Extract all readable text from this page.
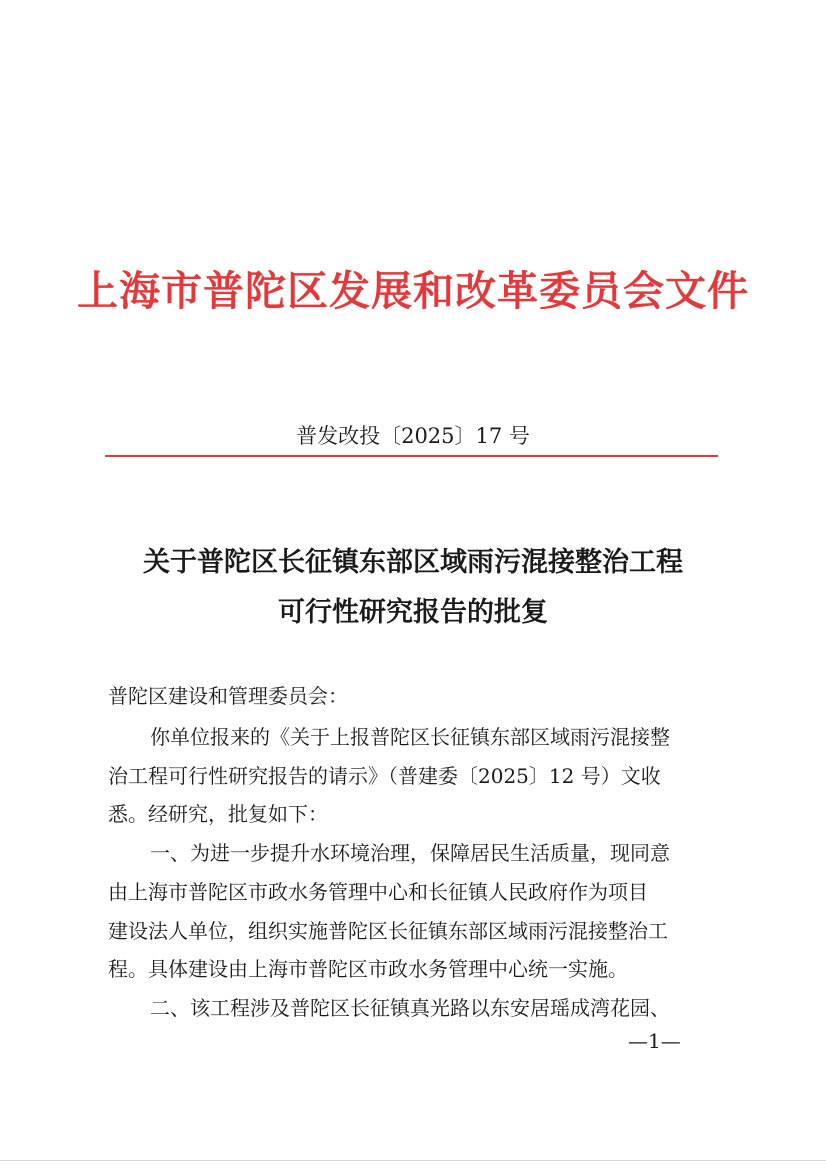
上海市普陀区发展和改革委员会文件
普发改投〔2025〕17 号
关于普陀区长征镇东部区域雨污混接整治工程
可行性研究报告的批复
普陀区建设和管理委员会：
你单位报来的《关于上报普陀区长征镇东部区域雨污混接整
治工程可行性研究报告的请示》（普建委〔2025〕12 号）文收
悉。经研究，批复如下：
一、为进一步提升水环境治理，保障居民生活质量，现同意
由上海市普陀区市政水务管理中心和长征镇人民政府作为项目
建设法人单位，组织实施普陀区长征镇东部区域雨污混接整治工
程。具体建设由上海市普陀区市政水务管理中心统一实施。
二、该工程涉及普陀区长征镇真光路以东安居瑶成湾花园、
—1—
